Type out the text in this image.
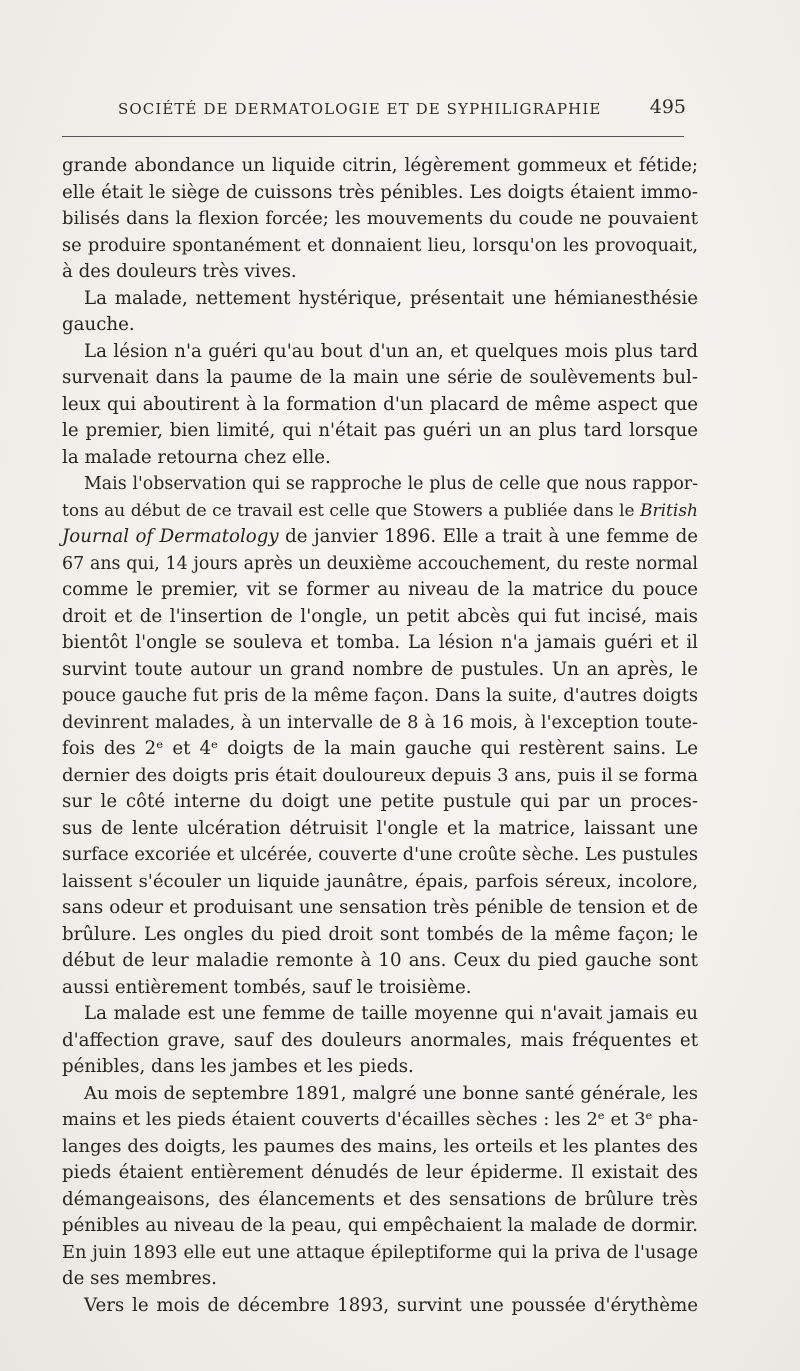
SOCIÉTÉ DE DERMATOLOGIE ET DE SYPHILIGRAPHIE	495
grande abondance un liquide citrin, légèrement gommeux et fétide;
elle était le siège de cuissons très pénibles. Les doigts étaient immo-
bilisés dans la flexion forcée; les mouvements du coude ne pouvaient
se produire spontanément et donnaient lieu, lorsqu'on les provoquait,
à des douleurs très vives.
La malade, nettement hystérique, présentait une hémianesthésie
gauche.
La lésion n'a guéri qu'au bout d'un an, et quelques mois plus tard
survenait dans la paume de la main une série de soulèvements bul-
leux qui aboutirent à la formation d'un placard de même aspect que
le premier, bien limité, qui n'était pas guéri un an plus tard lorsque
la malade retourna chez elle.
Mais l'observation qui se rapproche le plus de celle que nous rappor-
tons au début de ce travail est celle que Stowers a publiée dans le British
Journal of Dermatology de janvier 1896. Elle a trait à une femme de
67 ans qui, 14 jours après un deuxième accouchement, du reste normal
comme le premier, vit se former au niveau de la matrice du pouce
droit et de l'insertion de l'ongle, un petit abcès qui fut incisé, mais
bientôt l'ongle se souleva et tomba. La lésion n'a jamais guéri et il
survint toute autour un grand nombre de pustules. Un an après, le
pouce gauche fut pris de la même façon. Dans la suite, d'autres doigts
devinrent malades, à un intervalle de 8 à 16 mois, à l'exception toute-
fois des 2ᵉ et 4ᵉ doigts de la main gauche qui restèrent sains. Le
dernier des doigts pris était douloureux depuis 3 ans, puis il se forma
sur le côté interne du doigt une petite pustule qui par un proces-
sus de lente ulcération détruisit l'ongle et la matrice, laissant une
surface excoriée et ulcérée, couverte d'une croûte sèche. Les pustules
laissent s'écouler un liquide jaunâtre, épais, parfois séreux, incolore,
sans odeur et produisant une sensation très pénible de tension et de
brûlure. Les ongles du pied droit sont tombés de la même façon; le
début de leur maladie remonte à 10 ans. Ceux du pied gauche sont
aussi entièrement tombés, sauf le troisième.
La malade est une femme de taille moyenne qui n'avait jamais eu
d'affection grave, sauf des douleurs anormales, mais fréquentes et
pénibles, dans les jambes et les pieds.
Au mois de septembre 1891, malgré une bonne santé générale, les
mains et les pieds étaient couverts d'écailles sèches : les 2ᵉ et 3ᵉ pha-
langes des doigts, les paumes des mains, les orteils et les plantes des
pieds étaient entièrement dénudés de leur épiderme. Il existait des
démangeaisons, des élancements et des sensations de brûlure très
pénibles au niveau de la peau, qui empêchaient la malade de dormir.
En juin 1893 elle eut une attaque épileptiforme qui la priva de l'usage
de ses membres.
Vers le mois de décembre 1893, survint une poussée d'érythème
